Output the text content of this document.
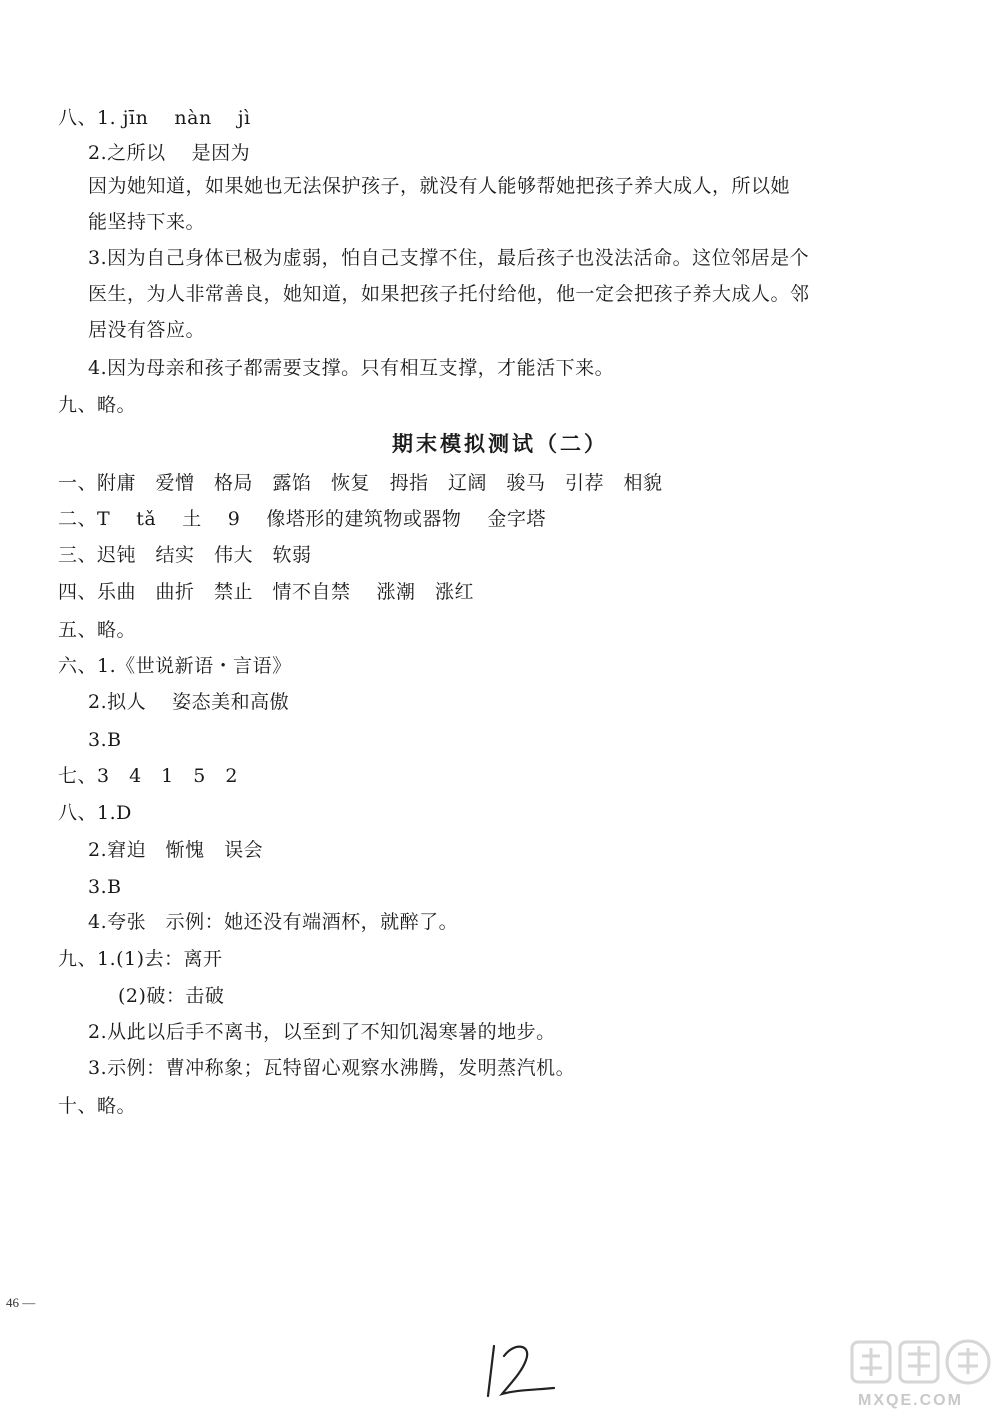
八、1. jīn　 nàn　 jì
2.之所以　 是因为
因为她知道，如果她也无法保护孩子，就没有人能够帮她把孩子养大成人，所以她
能坚持下来。
3.因为自己身体已极为虚弱，怕自己支撑不住，最后孩子也没法活命。这位邻居是个
医生，为人非常善良，她知道，如果把孩子托付给他，他一定会把孩子养大成人。邻
居没有答应。
4.因为母亲和孩子都需要支撑。只有相互支撑，才能活下来。
九、略。
期末模拟测试（二）
一、附庸　爱憎　格局　露馅　恢复　拇指　辽阔　骏马　引荐　相貌
二、T　 tǎ　 土　 9　 像塔形的建筑物或器物　 金字塔
三、迟钝　结实　伟大　软弱
四、乐曲　曲折　禁止　情不自禁　 涨潮　涨红
五、略。
六、1.《世说新语・言语》
2.拟人　 姿态美和高傲
3.B
七、3　4　1　5　2
八、1.D
2.窘迫　惭愧　误会
3.B
4.夸张　示例：她还没有端酒杯，就醉了。
九、1.(1)去：离开
(2)破：击破
2.从此以后手不离书，以至到了不知饥渴寒暑的地步。
3.示例：曹冲称象；瓦特留心观察水沸腾，发明蒸汽机。
十、略。
46 —
MXQE.COM
